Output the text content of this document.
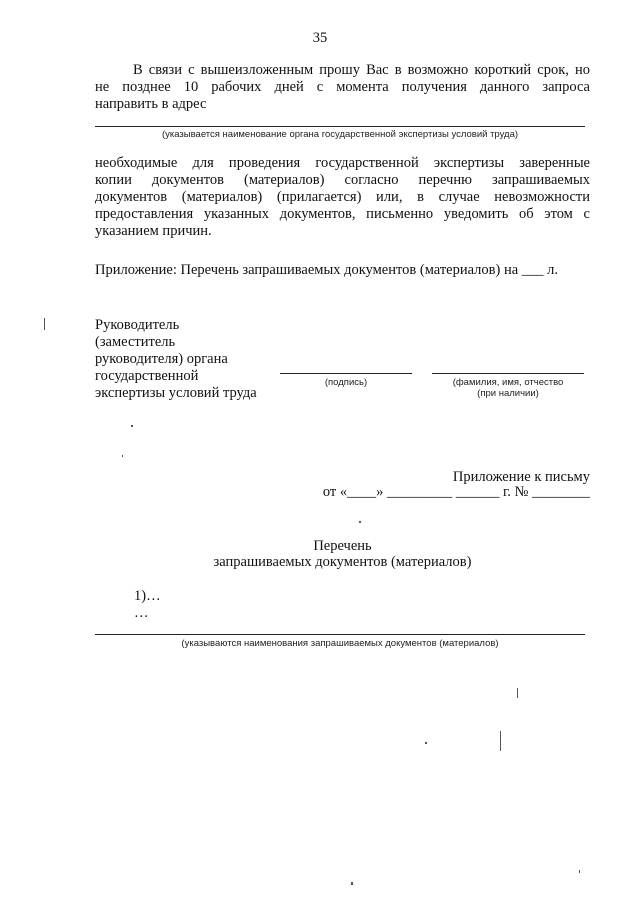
35
В связи с вышеизложенным прошу Вас в возможно короткий срок, но
не позднее 10 рабочих дней с момента получения данного запроса
направить в адрес
(указывается наименование органа государственной экспертизы условий труда)
необходимые для проведения государственной экспертизы заверенные
копии документов (материалов) согласно перечню запрашиваемых
документов (материалов) (прилагается) или, в случае невозможности
предоставления указанных документов, письменно уведомить об этом с
указанием причин.
Приложение: Перечень запрашиваемых документов (материалов) на ___ л.
Руководитель
(заместитель
руководителя) органа
государственной
экспертизы условий труда
(подпись)	(фамилия, имя, отчество
(при наличии)
Приложение к письму
от «____» _________ ______ г. № ________
Перечень
запрашиваемых документов (материалов)
1)…
…
(указываются наименования запрашиваемых документов (материалов)
